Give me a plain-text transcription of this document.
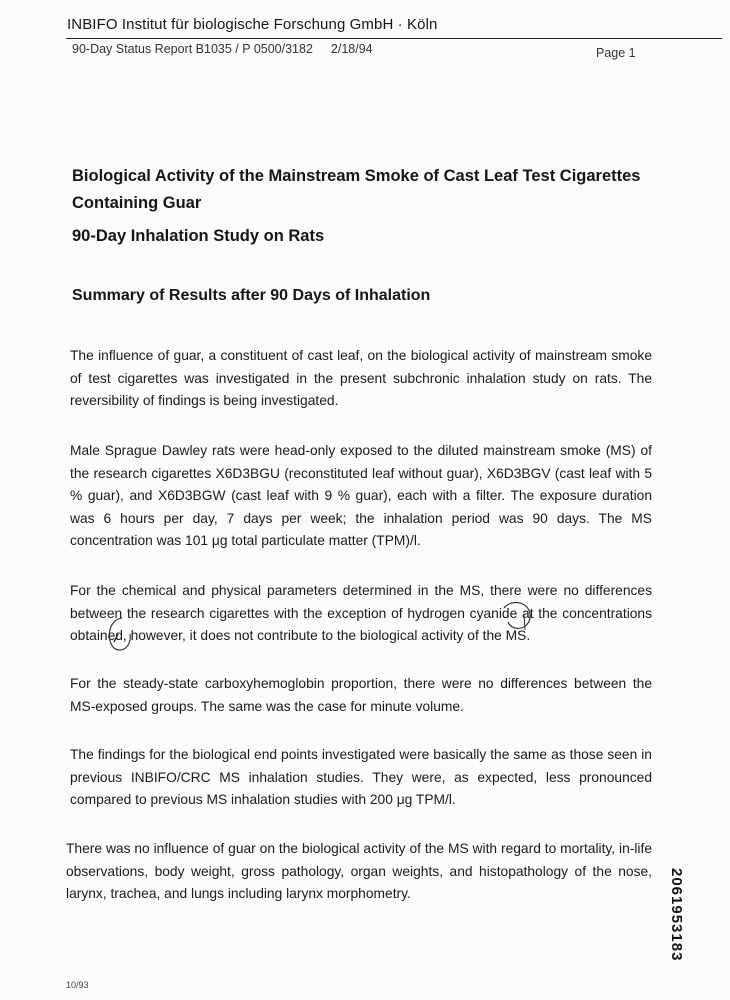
INBIFO Institut für biologische Forschung GmbH · Köln
90-Day Status Report B1035 / P 0500/3182 2/18/94	Page 1
Biological Activity of the Mainstream Smoke of Cast Leaf Test Cigarettes
Containing Guar
90-Day Inhalation Study on Rats
Summary of Results after 90 Days of Inhalation

The influence of guar, a constituent of cast leaf, on the biological activity of mainstream smoke of test cigarettes was investigated in the present subchronic inhalation study on rats. The reversibility of findings is being investigated.

Male Sprague Dawley rats were head-only exposed to the diluted mainstream smoke (MS) of the research cigarettes X6D3BGU (reconstituted leaf without guar), X6D3BGV (cast leaf with 5 % guar), and X6D3BGW (cast leaf with 9 % guar), each with a filter. The exposure duration was 6 hours per day, 7 days per week; the inhalation period was 90 days. The MS concentration was 101 μg total particulate matter (TPM)/l.

For the chemical and physical parameters determined in the MS, there were no differences between the research cigarettes with the exception of hydrogen cyanide at the concentrations obtained, however, it does not contribute to the biological activity of the MS.

For the steady-state carboxyhemoglobin proportion, there were no differences between the MS-exposed groups. The same was the case for minute volume.

The findings for the biological end points investigated were basically the same as those seen in previous INBIFO/CRC MS inhalation studies. They were, as expected, less pronounced compared to previous MS inhalation studies with 200 μg TPM/l.

There was no influence of guar on the biological activity of the MS with regard to mortality, in-life observations, body weight, gross pathology, organ weights, and histopathology of the nose, larynx, trachea, and lungs including larynx morphometry.	2061953183
10/93
